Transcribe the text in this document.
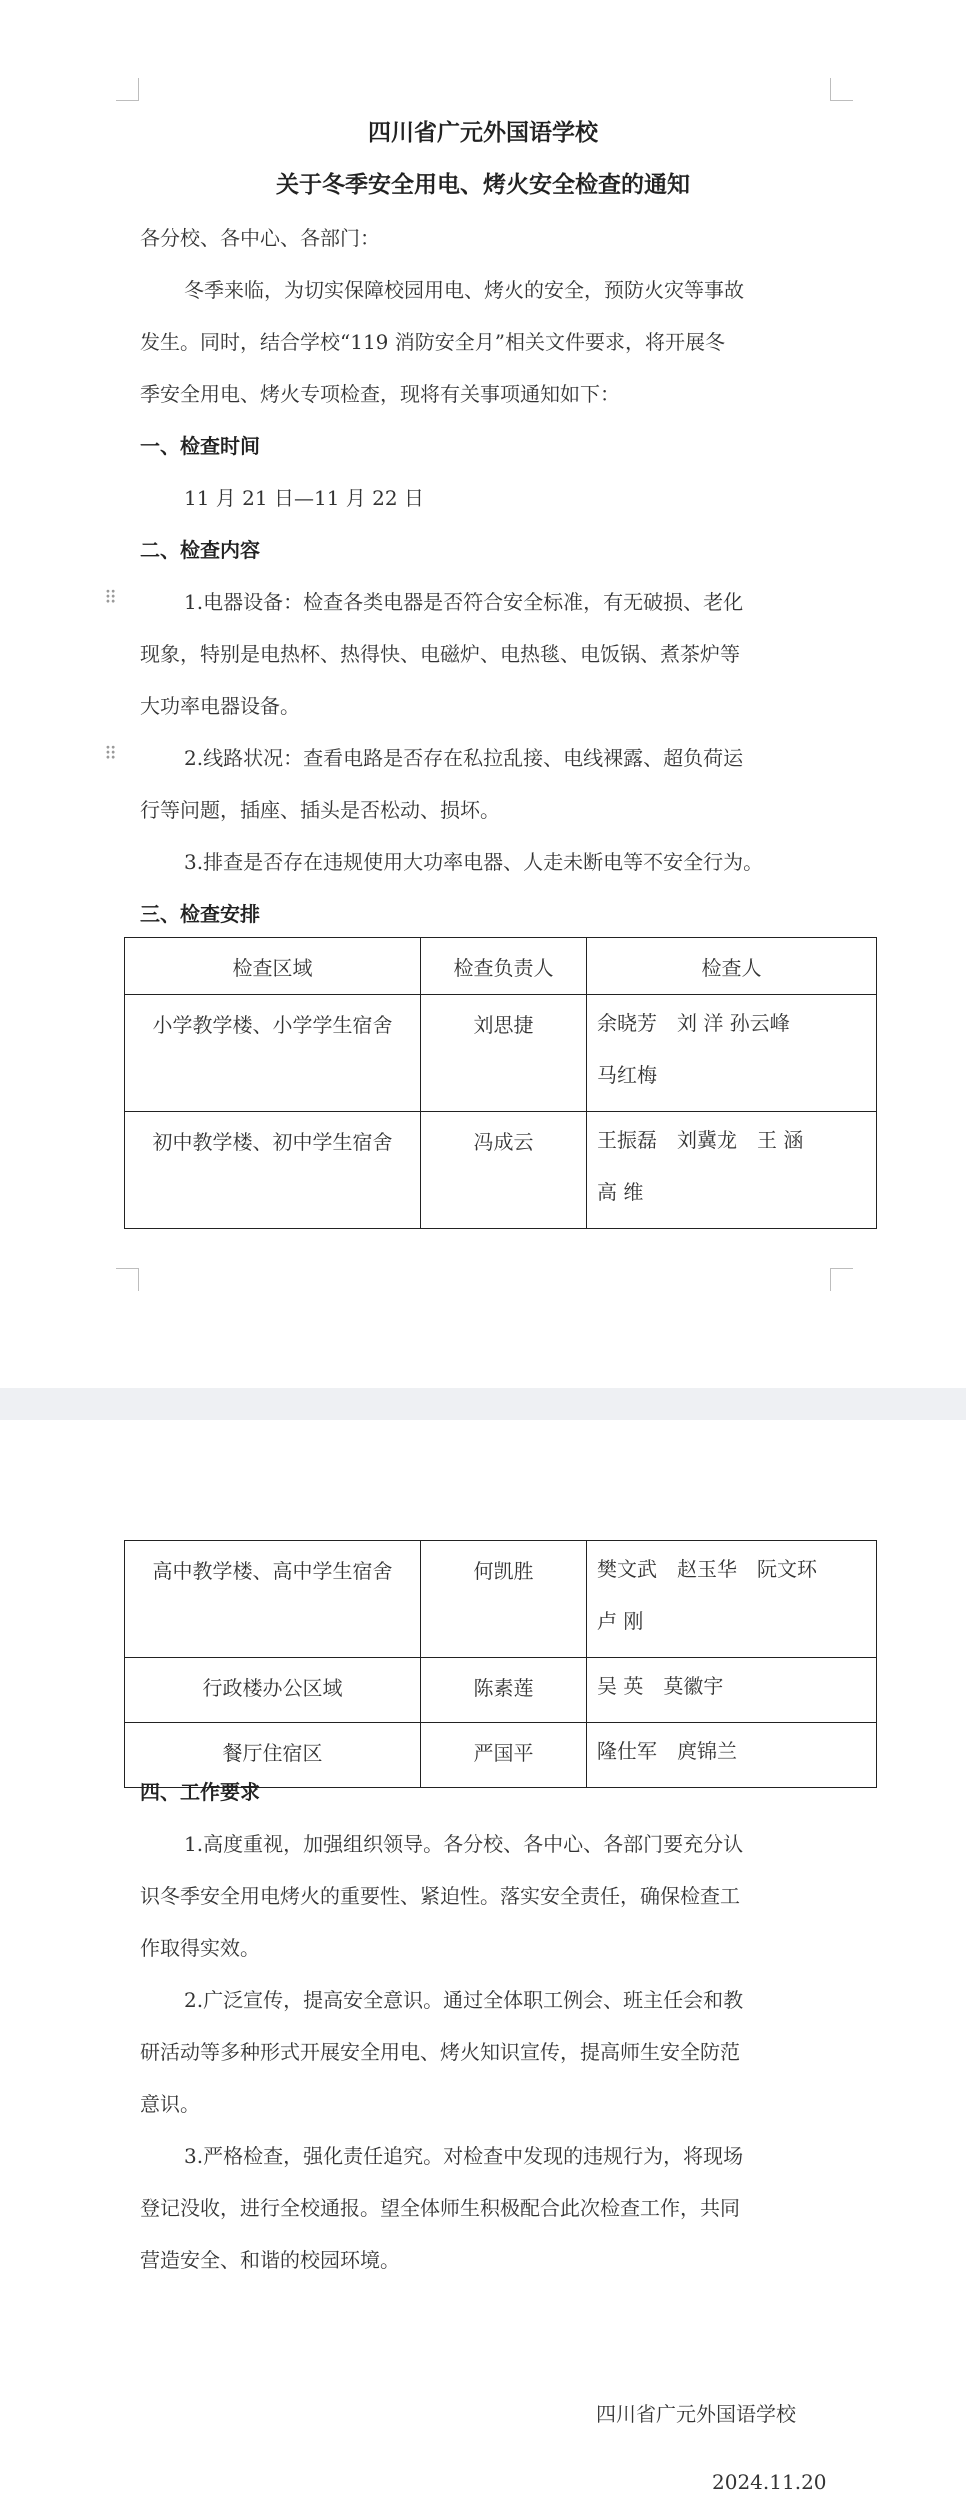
四川省广元外国语学校
关于冬季安全用电、烤火安全检查的通知
各分校、各中心、各部门：
冬季来临，为切实保障校园用电、烤火的安全，预防火灾等事故
发生。同时，结合学校“119 消防安全月”相关文件要求，将开展冬
季安全用电、烤火专项检查，现将有关事项通知如下：
一、检查时间
11 月 21 日—11 月 22 日
二、检查内容
⠿	1.电器设备：检查各类电器是否符合安全标准，有无破损、老化
现象，特别是电热杯、热得快、电磁炉、电热毯、电饭锅、煮茶炉等
大功率电器设备。
⠿	2.线路状况：查看电路是否存在私拉乱接、电线裸露、超负荷运
行等问题，插座、插头是否松动、损坏。
3.排查是否存在违规使用大功率电器、人走未断电等不安全行为。
三、检查安排
检查区域	检查负责人	检查人
小学教学楼、小学学生宿舍	刘思捷	余晓芳　刘 洋 孙云峰
马红梅

初中教学楼、初中学生宿舍	冯成云	王振磊　刘冀龙　王 涵
高 维
高中教学楼、高中学生宿舍	何凯胜	樊文武　赵玉华　阮文环
卢 刚

行政楼办公区域	陈素莲	吴 英　莫徽宇
餐厅住宿区	严国平	隆仕军　庹锦兰
四、工作要求
1.高度重视，加强组织领导。各分校、各中心、各部门要充分认
识冬季安全用电烤火的重要性、紧迫性。落实安全责任，确保检查工
作取得实效。
2.广泛宣传，提高安全意识。通过全体职工例会、班主任会和教
研活动等多种形式开展安全用电、烤火知识宣传，提高师生安全防范
意识。
3.严格检查，强化责任追究。对检查中发现的违规行为，将现场
登记没收，进行全校通报。望全体师生积极配合此次检查工作，共同
营造安全、和谐的校园环境。
四川省广元外国语学校
2024.11.20
